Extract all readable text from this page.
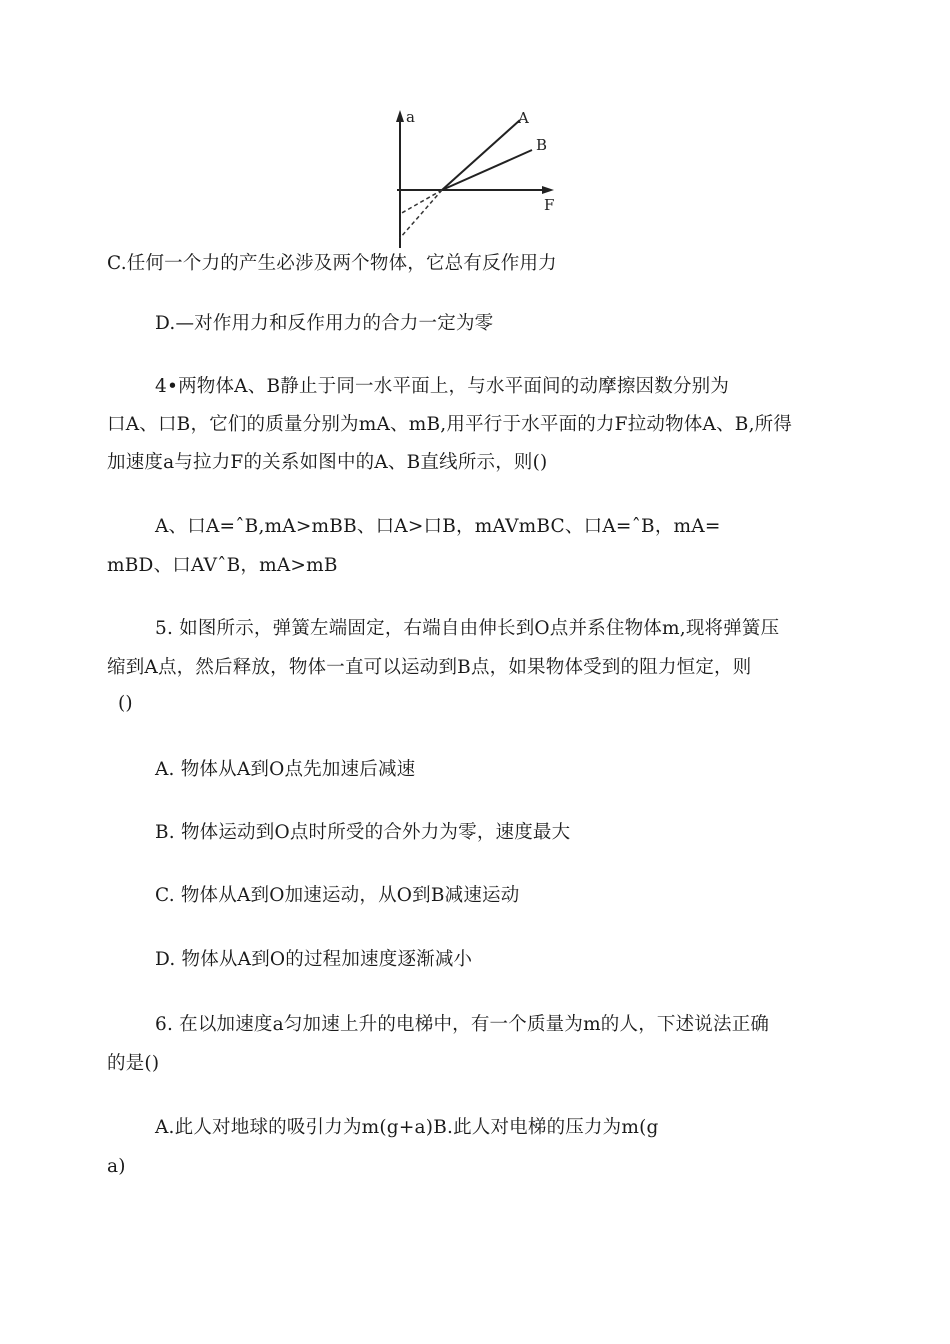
a
F
A
B
C.任何一个力的产生必涉及两个物体，它总有反作用力
D.—对作用力和反作用力的合力一定为零
4•两物体A、B静止于同一水平面上，与水平面间的动摩擦因数分别为
口A、口B，它们的质量分别为mA、mB,用平行于水平面的力F拉动物体A、B,所得
加速度a与拉力F的关系如图中的A、B直线所示，则()
A、口A=ˆB,mA>mBB、口A>口B，mAVmBC、口A=ˆB，mA=
mBD、口AVˆB，mA>mB
5. 如图所示，弹簧左端固定，右端自由伸长到O点并系住物体m,现将弹簧压
缩到A点，然后释放，物体一直可以运动到B点，如果物体受到的阻力恒定，则
()
A. 物体从A到O点先加速后减速
B. 物体运动到O点时所受的合外力为零，速度最大
C. 物体从A到O加速运动，从O到B减速运动
D. 物体从A到O的过程加速度逐渐减小
6. 在以加速度a匀加速上升的电梯中，有一个质量为m的人，下述说法正确
的是()
A.此人对地球的吸引力为m(g+a)B.此人对电梯的压力为m(g
a)
